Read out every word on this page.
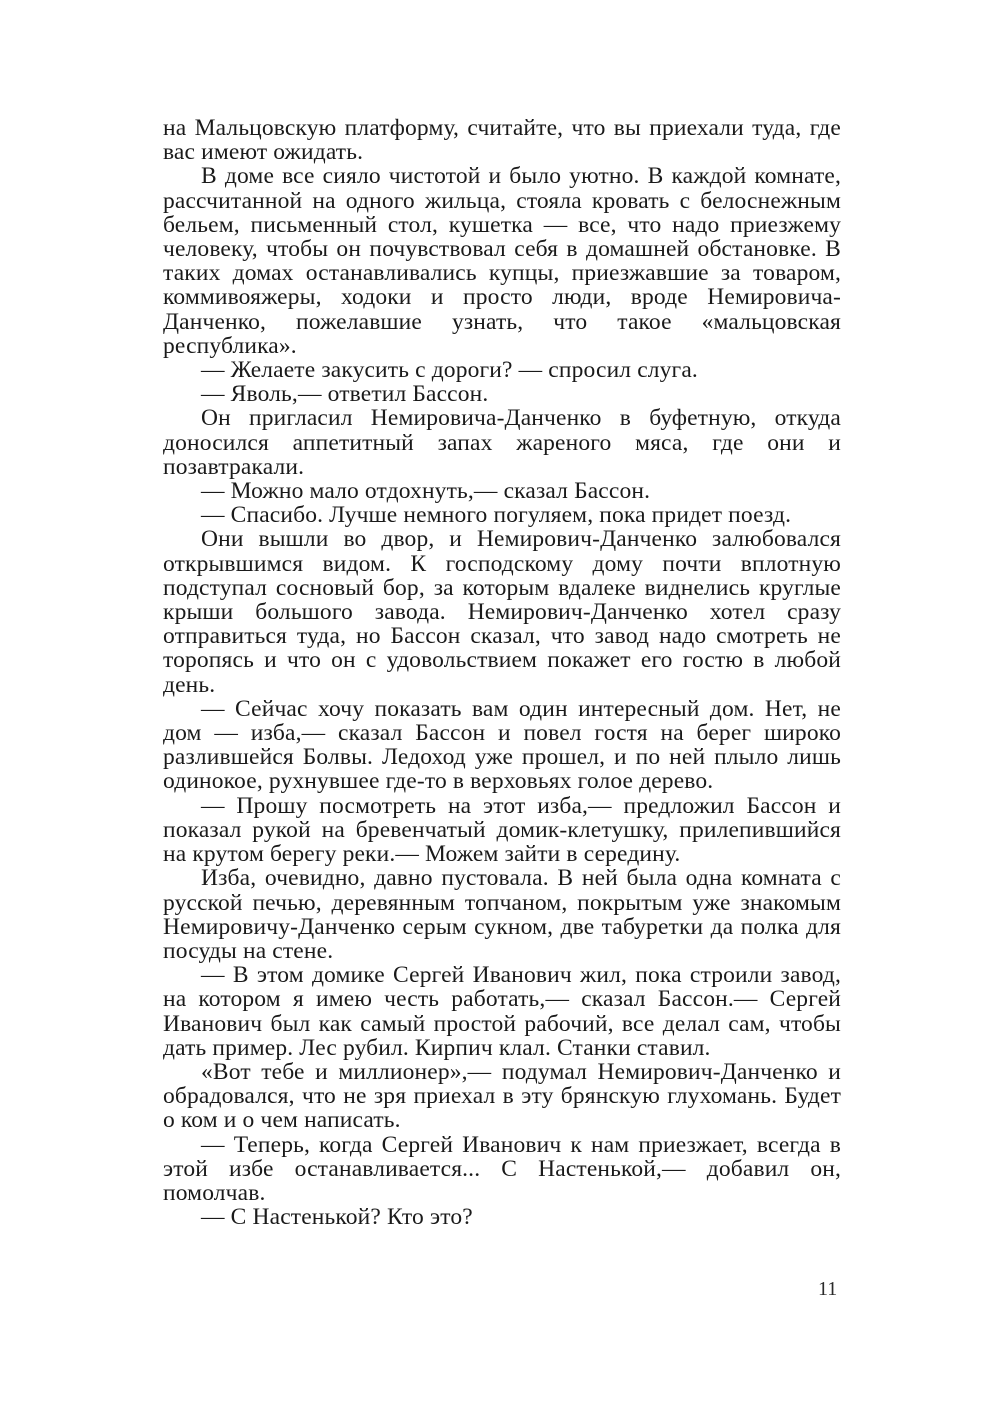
на Мальцовскую платформу, считайте, что вы приехали туда, где вас имеют ожидать.

В доме все сияло чистотой и было уютно. В каждой комнате, рассчитанной на одного жильца, стояла кровать с белоснежным бельем, письменный стол, кушетка — все, что надо приезжему человеку, чтобы он почувствовал себя в домашней обстановке. В таких домах останавливались купцы, приезжавшие за товаром, коммивояжеры, ходоки и просто люди, вроде Немировича-Данченко, пожелавшие узнать, что такое «мальцовская республика».

— Желаете закусить с дороги? — спросил слуга.

— Яволь,— ответил Бассон.

Он пригласил Немировича-Данченко в буфетную, откуда доносился аппетитный запах жареного мяса, где они и позавтракали.

— Можно мало отдохнуть,— сказал Бассон.

— Спасибо. Лучше немного погуляем, пока придет поезд.

Они вышли во двор, и Немирович-Данченко залюбовался открывшимся видом. К господскому дому почти вплотную подступал сосновый бор, за которым вдалеке виднелись круглые крыши большого завода. Немирович-Данченко хотел сразу отправиться туда, но Бассон сказал, что завод надо смотреть не торопясь и что он с удовольствием покажет его гостю в любой день.

— Сейчас хочу показать вам один интересный дом. Нет, не дом — изба,— сказал Бассон и повел гостя на берег широко разлившейся Болвы. Ледоход уже прошел, и по ней плыло лишь одинокое, рухнувшее где-то в верховьях голое дерево.

— Прошу посмотреть на этот изба,— предложил Бассон и показал рукой на бревенчатый домик-клетушку, прилепившийся на крутом берегу реки.— Можем зайти в середину.

Изба, очевидно, давно пустовала. В ней была одна комната с русской печью, деревянным топчаном, покрытым уже знакомым Немировичу-Данченко серым сукном, две табуретки да полка для посуды на стене.

— В этом домике Сергей Иванович жил, пока строили завод, на котором я имею честь работать,— сказал Бассон.— Сергей Иванович был как самый простой рабочий, все делал сам, чтобы дать пример. Лес рубил. Кирпич клал. Станки ставил.

«Вот тебе и миллионер»,— подумал Немирович-Данченко и обрадовался, что не зря приехал в эту брянскую глухомань. Будет о ком и о чем написать.

— Теперь, когда Сергей Иванович к нам приезжает, всегда в этой избе останавливается... С Настенькой,— добавил он, помолчав.

— С Настенькой? Кто это?

11
